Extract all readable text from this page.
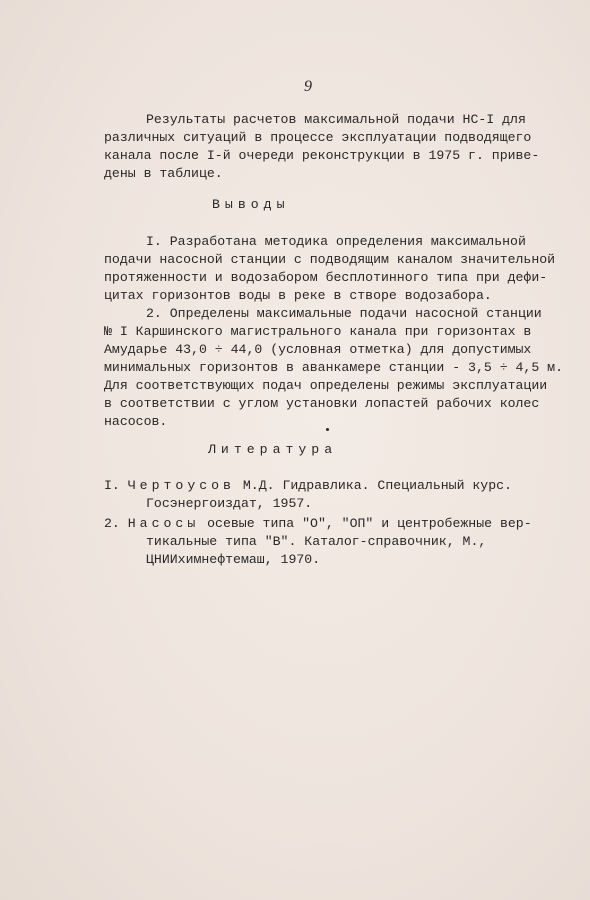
9
Результаты расчетов максимальной подачи НС-I для
различных ситуаций в процессе эксплуатации подводящего
канала после I-й очереди реконструкции в 1975 г. приве-
дены в таблице.
Выводы
I. Разработана методика определения максимальной
подачи насосной станции с подводящим каналом значительной
протяженности и водозабором бесплотинного типа при дефи-
цитах горизонтов воды в реке в створе водозабора.
2. Определены максимальные подачи насосной станции
№ I Каршинского магистрального канала при горизонтах в
Амударье 43,0 ÷ 44,0 (условная отметка) для допустимых
минимальных горизонтов в аванкамере станции - 3,5 ÷ 4,5 м.
Для соответствующих подач определены режимы эксплуатации
в соответствии с углом установки лопастей рабочих колес
насосов.
Литература
I. Чертоусов М.Д. Гидравлика. Специальный курс.
Госэнергоиздат, 1957.
2. Насосы осевые типа "О", "ОП" и центробежные вер-
тикальные типа "В". Каталог-справочник, М.,
ЦНИИхимнефтемаш, 1970.
